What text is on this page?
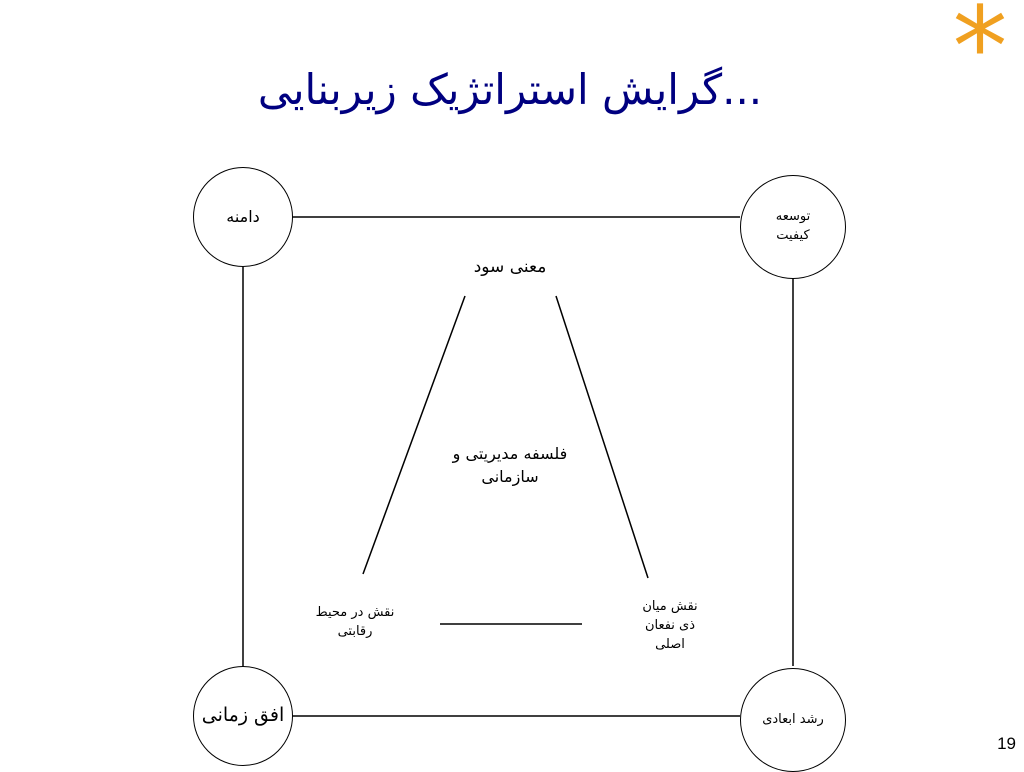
...گرایش استراتژیک زیربنایی	*
دامنه	توسعه
کیفیت
افق زمانی	رشد ابعادی
معنی سود
فلسفه مدیریتی و
سازمانی
نقش در محیط
رقابتی
نقش میان
ذی نفعان
اصلی
19
